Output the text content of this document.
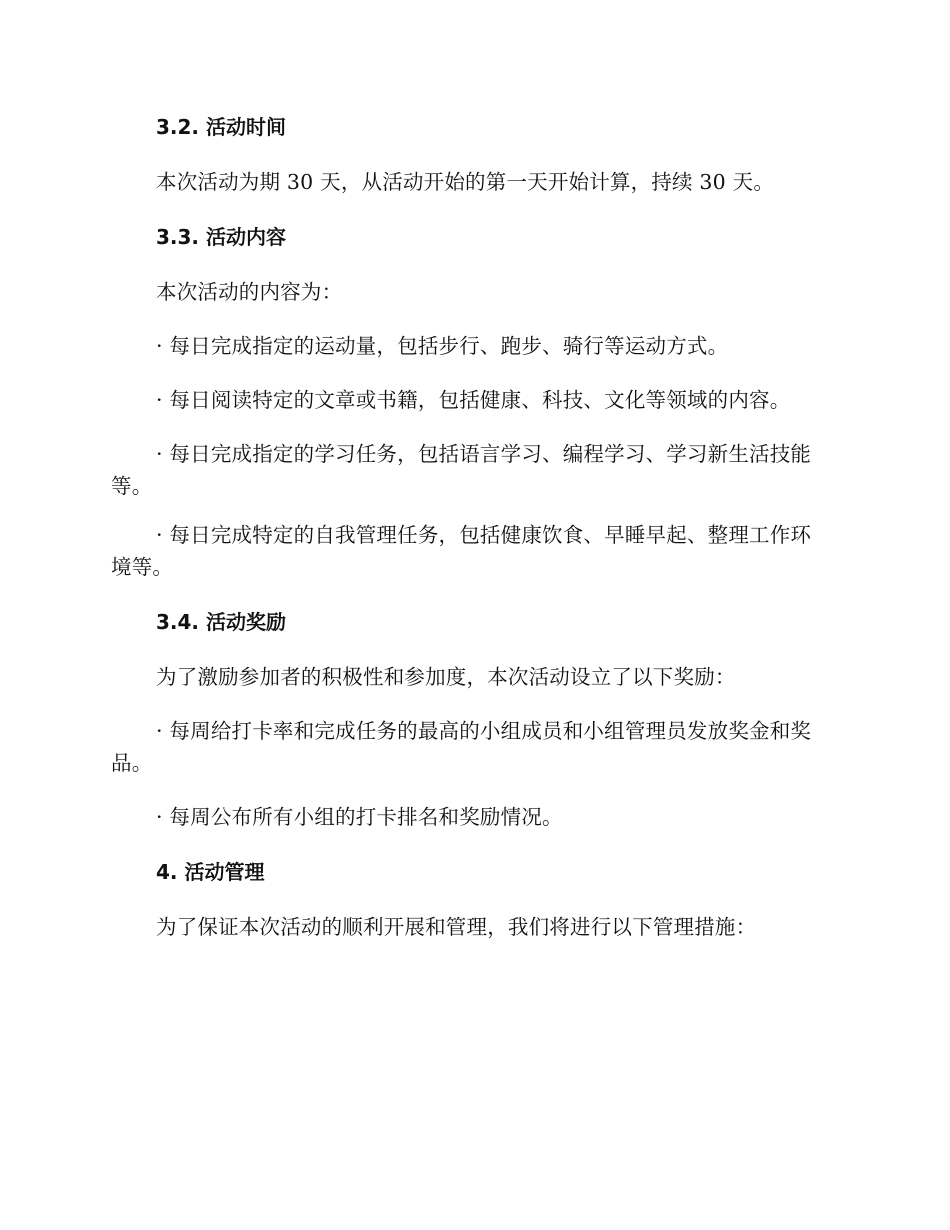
3.2. 活动时间

本次活动为期 30 天，从活动开始的第一天开始计算，持续 30 天。

3.3. 活动内容

本次活动的内容为：

· 每日完成指定的运动量，包括步行、跑步、骑行等运动方式。

· 每日阅读特定的文章或书籍，包括健康、科技、文化等领域的内容。

· 每日完成指定的学习任务，包括语言学习、编程学习、学习新生活技能等。

· 每日完成特定的自我管理任务，包括健康饮食、早睡早起、整理工作环境等。

3.4. 活动奖励

为了激励参加者的积极性和参加度，本次活动设立了以下奖励：

· 每周给打卡率和完成任务的最高的小组成员和小组管理员发放奖金和奖品。

· 每周公布所有小组的打卡排名和奖励情况。

4. 活动管理

为了保证本次活动的顺利开展和管理，我们将进行以下管理措施：
